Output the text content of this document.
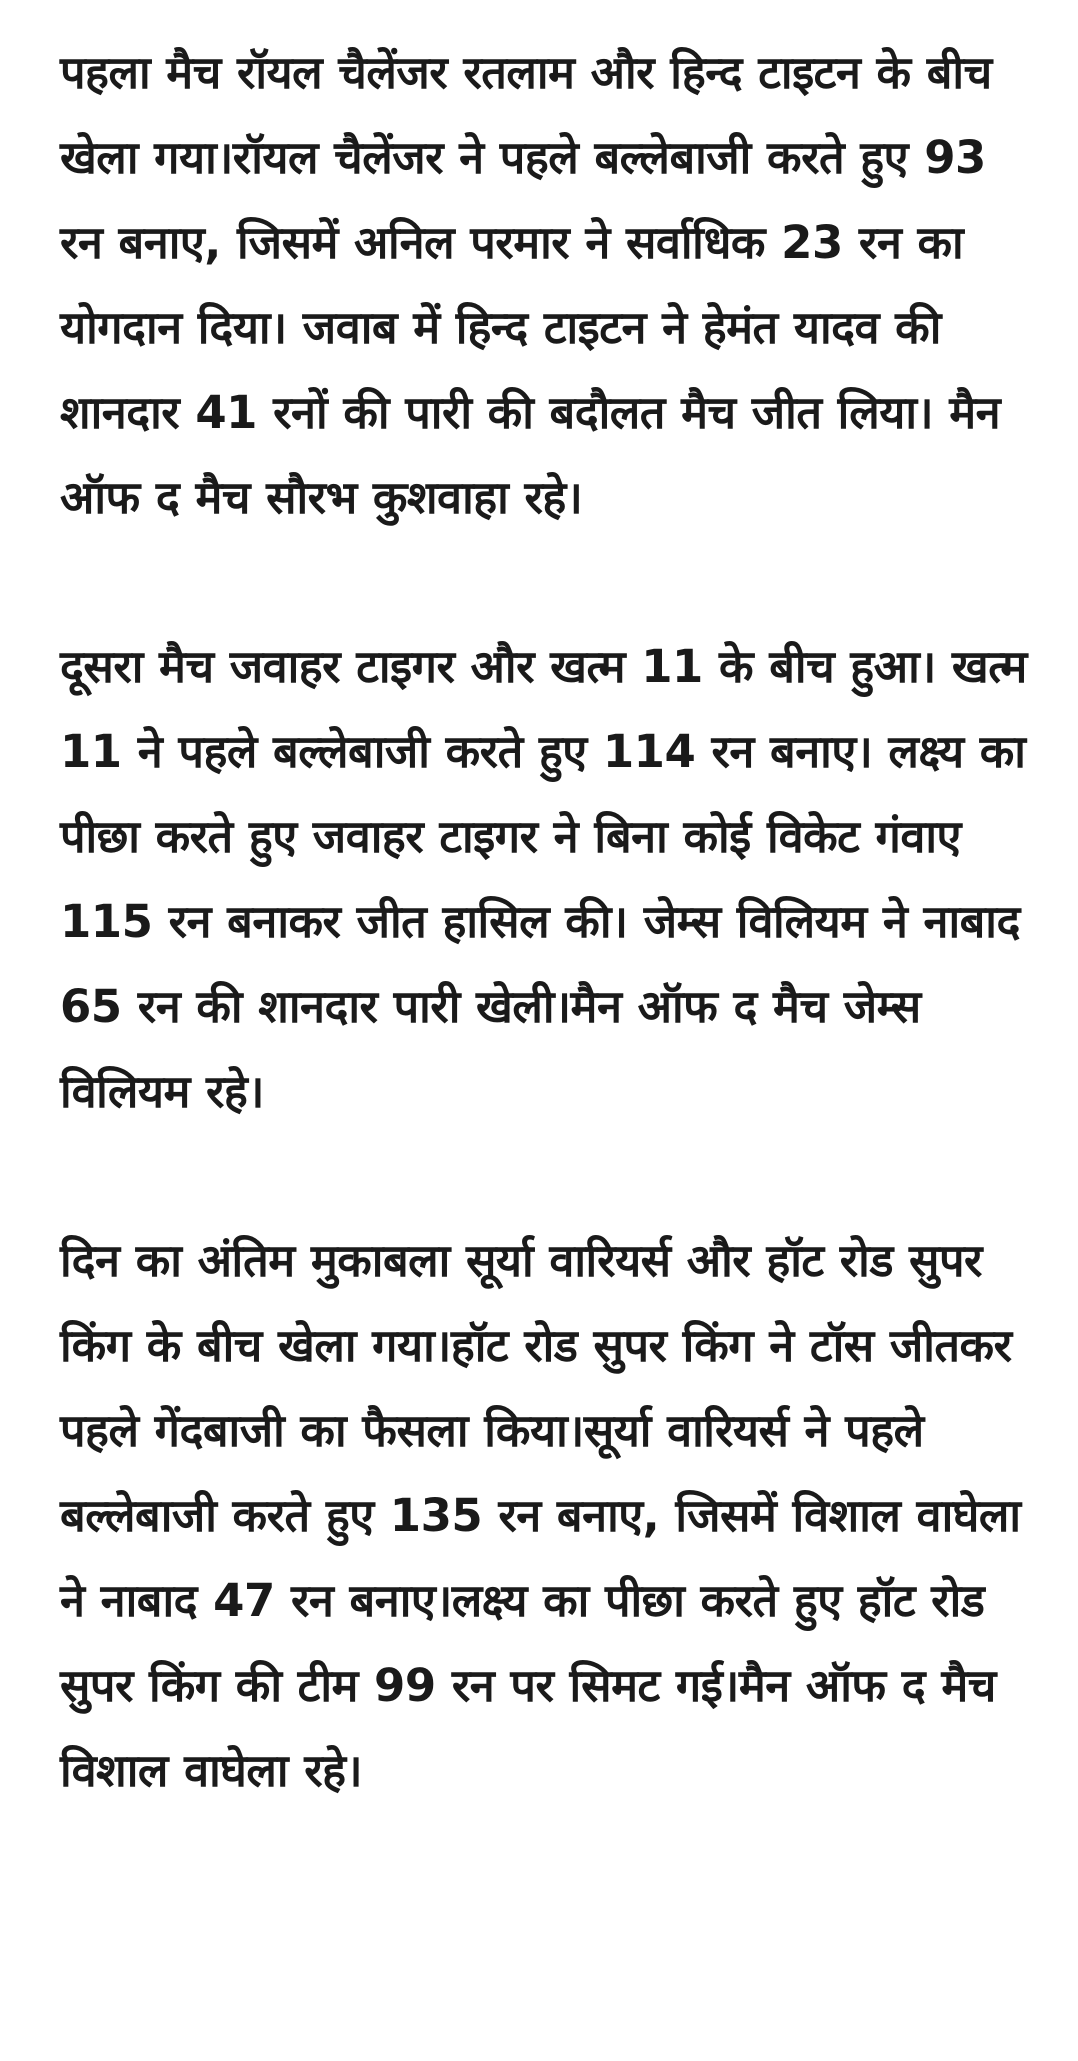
पहला मैच रॉयल चैलेंजर रतलाम और हिन्द टाइटन के बीच खेला गया।रॉयल चैलेंजर ने पहले बल्लेबाजी करते हुए 93 रन बनाए, जिसमें अनिल परमार ने सर्वाधिक 23 रन का योगदान दिया। जवाब में हिन्द टाइटन ने हेमंत यादव की शानदार 41 रनों की पारी की बदौलत मैच जीत लिया। मैन ऑफ द मैच सौरभ कुशवाहा रहे।

दूसरा मैच जवाहर टाइगर और खत्म 11 के बीच हुआ। खत्म 11 ने पहले बल्लेबाजी करते हुए 114 रन बनाए। लक्ष्य का पीछा करते हुए जवाहर टाइगर ने बिना कोई विकेट गंवाए 115 रन बनाकर जीत हासिल की। जेम्स विलियम ने नाबाद 65 रन की शानदार पारी खेली।मैन ऑफ द मैच जेम्स विलियम रहे।

दिन का अंतिम मुकाबला सूर्या वारियर्स और हॉट रोड सुपर किंग के बीच खेला गया।हॉट रोड सुपर किंग ने टॉस जीतकर पहले गेंदबाजी का फैसला किया।सूर्या वारियर्स ने पहले बल्लेबाजी करते हुए 135 रन बनाए, जिसमें विशाल वाघेला ने नाबाद 47 रन बनाए।लक्ष्य का पीछा करते हुए हॉट रोड सुपर किंग की टीम 99 रन पर सिमट गई।मैन ऑफ द मैच विशाल वाघेला रहे।
